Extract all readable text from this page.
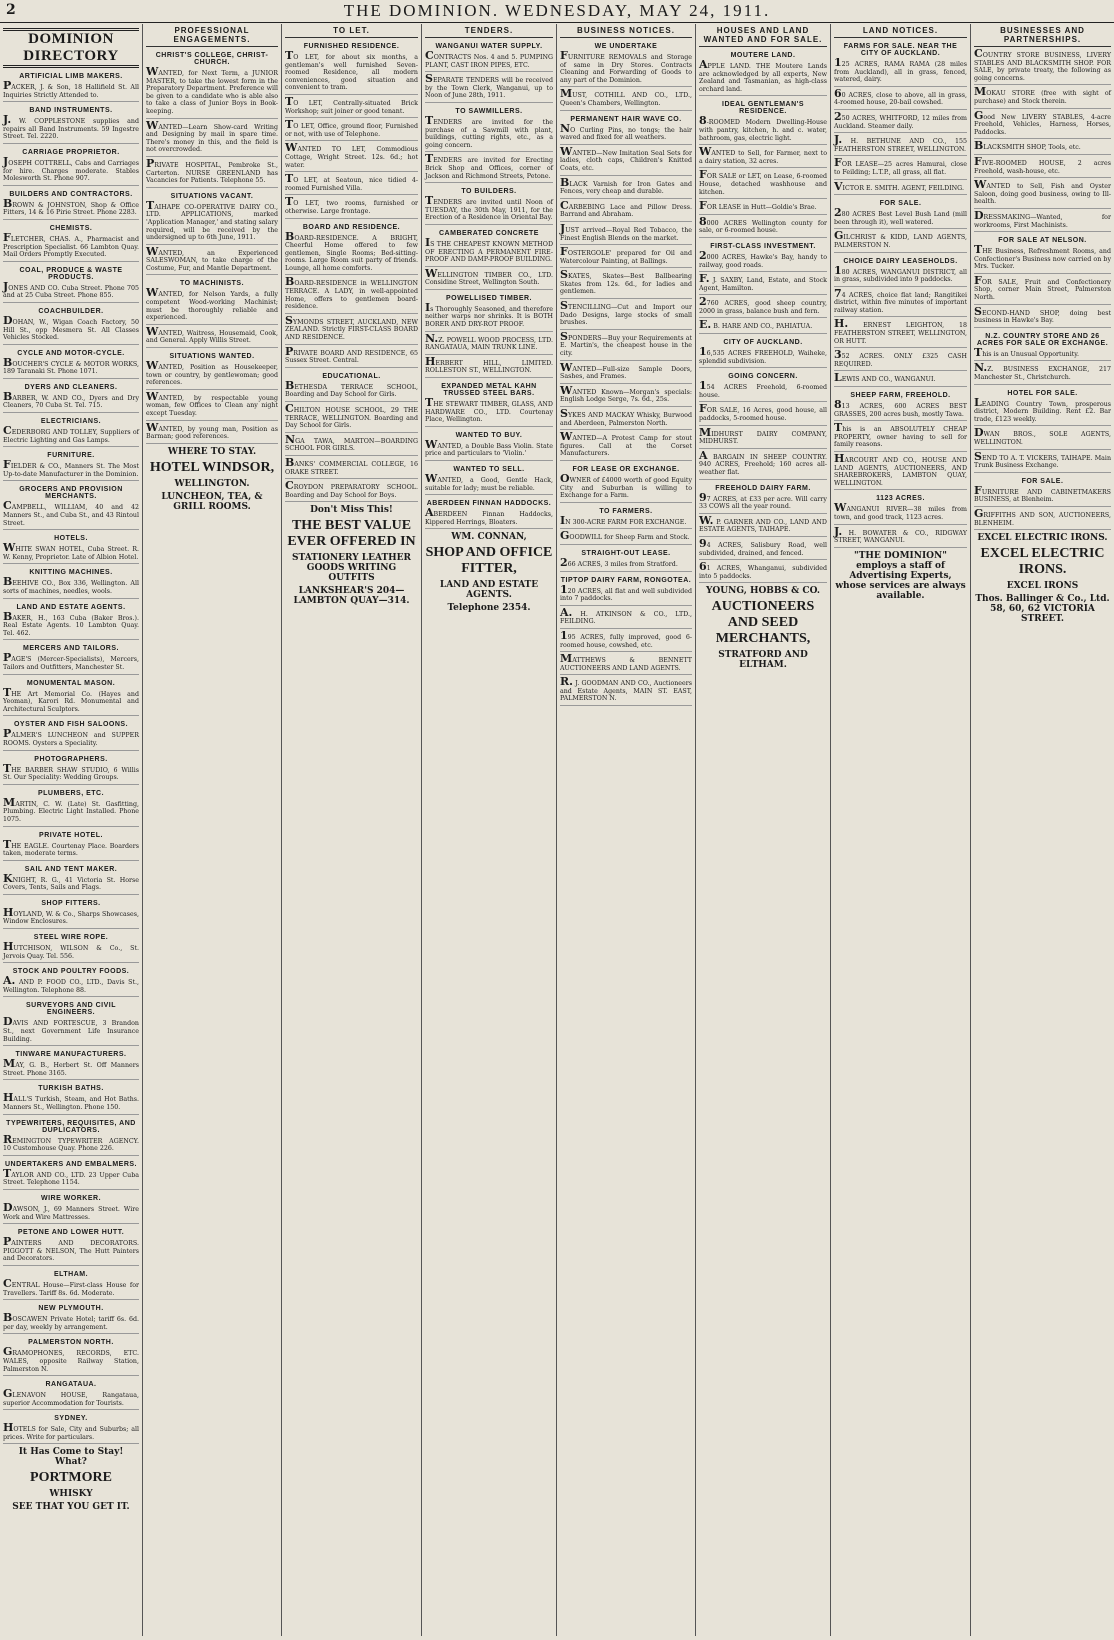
2	THE DOMINION. WEDNESDAY, MAY 24, 1911.
DOMINION DIRECTORY
ARTIFICIAL LIMB MAKERS.

PACKER, J. & Son, 18 Hallifield St. All Inquiries Strictly Attended to.

BAND INSTRUMENTS.

J. W. COPPLESTONE supplies and repairs all Band Instruments. 59 Ingestre Street. Tel. 2220.

CARRIAGE PROPRIETOR.

JOSEPH COTTRELL, Cabs and Carriages for hire. Charges moderate. Stables Molesworth St. Phone 907.

BUILDERS AND CONTRACTORS.

BROWN & JOHNSTON, Shop & Office Fitters, 14 & 16 Pirie Street. Phone 2283.

CHEMISTS.

FLETCHER, CHAS. A., Pharmacist and Prescription Specialist. 66 Lambton Quay. Mail Orders Promptly Executed.

COAL, PRODUCE & WASTE PRODUCTS.

JONES AND CO. Cuba Street. Phone 705 and at 25 Cuba Street. Phone 855.

COACHBUILDER.

DOHAN, W., Wigan Coach Factory, 50 Hill St., opp Mesmera St. All Classes Vehicles Stocked.

CYCLE AND MOTOR-CYCLE.

BOUCHER'S CYCLE & MOTOR WORKS, 189 Taranaki St. Phone 1071.

DYERS AND CLEANERS.

BARBER, W. AND CO., Dyers and Dry Cleaners, 70 Cuba St. Tel. 715.

ELECTRICIANS.

CEDERBORG AND TOLLEY, Suppliers of Electric Lighting and Gas Lamps.

FURNITURE.

FIELDER & CO., Manners St. The Most Up-to-date Manufacturer in the Dominion.

GROCERS AND PROVISION MERCHANTS.

CAMPBELL, WILLIAM, 40 and 42 Manners St., and Cuba St., and 43 Rintoul Street.

HOTELS.

WHITE SWAN HOTEL, Cuba Street. R. W. Kenny, Proprietor. Late of Albion Hotel.

KNITTING MACHINES.

BEEHIVE CO., Box 336, Wellington. All sorts of machines, needles, wools.

LAND AND ESTATE AGENTS.

BAKER, H., 163 Cuba (Baker Bros.). Real Estate Agents. 10 Lambton Quay. Tel. 462.

MERCERS AND TAILORS.

PAGE'S (Mercer-Specialists), Mercers, Tailors and Outfitters, Manchester St.

MONUMENTAL MASON.

THE Art Memorial Co. (Hayes and Yeoman), Karori Rd. Monumental and Architectural Sculptors.

OYSTER AND FISH SALOONS.

PALMER'S LUNCHEON and SUPPER ROOMS. Oysters a Speciality.

PHOTOGRAPHERS.

THE BARBER SHAW STUDIO, 6 Willis St. Our Speciality: Wedding Groups.

PLUMBERS, ETC.

MARTIN, C. W. (Late) St. Gasfitting, Plumbing. Electric Light Installed. Phone 1075.

PRIVATE HOTEL.

THE EAGLE. Courtenay Place. Boarders taken, moderate terms.

SAIL AND TENT MAKER.

KNIGHT, R. G., 41 Victoria St. Horse Covers, Tents, Sails and Flags.

SHOP FITTERS.

HOYLAND, W. & Co., Sharps Showcases, Window Enclosures.

STEEL WIRE ROPE.

HUTCHISON, WILSON & Co., St. Jervois Quay. Tel. 556.

STOCK AND POULTRY FOODS.

A. AND P. FOOD CO., LTD., Davis St., Wellington. Telephone 88.

SURVEYORS AND CIVIL ENGINEERS.

DAVIS AND FORTESCUE, 3 Brandon St., next Government Life Insurance Building.

TINWARE MANUFACTURERS.

MAY, G. B., Herbert St. Off Manners Street. Phone 3165.

TURKISH BATHS.

HALL'S Turkish, Steam, and Hot Baths. Manners St., Wellington. Phone 150.

TYPEWRITERS, REQUISITES, AND DUPLICATORS.

REMINGTON TYPEWRITER AGENCY. 10 Customhouse Quay. Phone 226.

UNDERTAKERS AND EMBALMERS.

TAYLOR AND CO., LTD. 23 Upper Cuba Street. Telephone 1154.

WIRE WORKER.

DAWSON, J., 69 Manners Street. Wire Work and Wire Mattresses.

PETONE AND LOWER HUTT.

PAINTERS AND DECORATORS. PIGGOTT & NELSON, The Hutt Painters and Decorators.

ELTHAM.

CENTRAL House—First-class House for Travellers. Tariff 8s. 6d. Moderate.

NEW PLYMOUTH.

BOSCAWEN Private Hotel; tariff 6s. 6d. per day, weekly by arrangement.

PALMERSTON NORTH.

GRAMOPHONES, RECORDS, ETC. WALES, opposite Railway Station, Palmerston N.

RANGATAUA.

GLENAVON HOUSE, Rangataua, superior Accommodation for Tourists.

SYDNEY.

HOTELS for Sale, City and Suburbs; all prices. Write for particulars.

It Has Come to Stay! What?
PORTMORE
WHISKY
SEE THAT YOU GET IT.
PROFESSIONAL ENGAGEMENTS.
CHRIST'S COLLEGE, CHRIST-CHURCH.

WANTED, for Next Term, a JUNIOR MASTER, to take the lowest form in the Preparatory Department. Preference will be given to a candidate who is able also to take a class of Junior Boys in Book-keeping.

WANTED—Learn Show-card Writing and Designing by mail in spare time. There's money in this, and the field is not overcrowded.

PRIVATE HOSPITAL, Pembroke St., Carterton. NURSE GREENLAND has Vacancies for Patients. Telephone 55.

SITUATIONS VACANT.

TAIHAPE CO-OPERATIVE DAIRY CO., LTD. APPLICATIONS, marked 'Application Manager,' and stating salary required, will be received by the undersigned up to 6th June, 1911.

WANTED, an Experienced SALESWOMAN, to take charge of the Costume, Fur, and Mantle Department.

TO MACHINISTS.

WANTED, for Nelson Yards, a fully competent Wood-working Machinist; must be thoroughly reliable and experienced.

WANTED, Waitress, Housemaid, Cook, and General. Apply Willis Street.

SITUATIONS WANTED.

WANTED, Position as Housekeeper, town or country, by gentlewoman; good references.

WANTED, by respectable young woman, few Offices to Clean any night except Tuesday.

WANTED, by young man, Position as Barman; good references.

WHERE TO STAY.
HOTEL WINDSOR,
WELLINGTON.
LUNCHEON, TEA, & GRILL ROOMS.
TO LET.
FURNISHED RESIDENCE.

TO LET, for about six months, a gentleman's well furnished Seven-roomed Residence, all modern conveniences, good situation and convenient to tram.

TO LET, Centrally-situated Brick Workshop; suit joiner or good tenant.

TO LET, Office, ground floor, Furnished or not, with use of Telephone.

WANTED TO LET, Commodious Cottage, Wright Street. 12s. 6d.; hot water.

TO LET, at Seatoun, nice tidied 4-roomed Furnished Villa.

TO LET, two rooms, furnished or otherwise. Large frontage.

BOARD AND RESIDENCE.

BOARD-RESIDENCE. A BRIGHT, Cheerful Home offered to few gentlemen, Single Rooms; Bed-sitting-rooms. Large Room suit party of friends. Lounge, all home comforts.

BOARD-RESIDENCE in WELLINGTON TERRACE. A LADY, in well-appointed Home, offers to gentlemen board-residence.

SYMONDS STREET, AUCKLAND, NEW ZEALAND. Strictly FIRST-CLASS BOARD AND RESIDENCE.

PRIVATE BOARD AND RESIDENCE, 65 Sussex Street. Central.

EDUCATIONAL.

BETHESDA TERRACE SCHOOL, Boarding and Day School for Girls.

CHILTON HOUSE SCHOOL, 29 THE TERRACE, WELLINGTON. Boarding and Day School for Girls.

NGA TAWA, MARTON—BOARDING SCHOOL FOR GIRLS.

BANKS' COMMERCIAL COLLEGE, 16 ORAKE STREET.

CROYDON PREPARATORY SCHOOL. Boarding and Day School for Boys.

Don't Miss This!
THE BEST VALUE EVER OFFERED IN
STATIONERY LEATHER GOODS WRITING OUTFITS
LANKSHEAR'S 204—LAMBTON QUAY—314.
TENDERS.
WANGANUI WATER SUPPLY.

CONTRACTS Nos. 4 and 5. PUMPING PLANT, CAST IRON PIPES, ETC.

SEPARATE TENDERS will be received by the Town Clerk, Wanganui, up to Noon of June 28th, 1911.

TO SAWMILLERS.

TENDERS are invited for the purchase of a Sawmill with plant, buildings, cutting rights, etc., as a going concern.

TENDERS are invited for Erecting Brick Shop and Offices, corner of Jackson and Richmond Streets, Petone.

TO BUILDERS.

TENDERS are invited until Noon of TUESDAY, the 30th May, 1911, for the Erection of a Residence in Oriental Bay.

CAMBERATED CONCRETE

IS THE CHEAPEST KNOWN METHOD OF ERECTING A PERMANENT FIRE-PROOF AND DAMP-PROOF BUILDING.

WELLINGTON TIMBER CO., LTD. Considine Street, Wellington South.

POWELLISED TIMBER.

Is Thoroughly Seasoned, and therefore neither warps nor shrinks. It is BOTH BORER AND DRY-ROT PROOF.

N.Z. POWELL WOOD PROCESS, LTD. RANGATAUA, MAIN TRUNK LINE.

HERBERT HILL, LIMITED. ROLLESTON ST., WELLINGTON.

EXPANDED METAL KAHN TRUSSED STEEL BARS.

THE STEWART TIMBER, GLASS, AND HARDWARE CO., LTD. Courtenay Place, Wellington.

WANTED TO BUY.

WANTED, a Double Bass Violin. State price and particulars to 'Violin.'

WANTED TO SELL.

WANTED, a Good, Gentle Hack, suitable for lady; must be reliable.

ABERDEEN FINNAN HADDOCKS.

ABERDEEN Finnan Haddocks, Kippered Herrings, Bloaters.

WM. CONNAN,
SHOP AND OFFICE FITTER,
LAND AND ESTATE AGENTS.
Telephone 2354.
BUSINESS NOTICES.
WE UNDERTAKE

FURNITURE REMOVALS and Storage of same in Dry Stores. Contracts Cleaning and Forwarding of Goods to any part of the Dominion.

MUST, COTHILL AND CO., LTD., Queen's Chambers, Wellington.

PERMANENT HAIR WAVE CO.

NO Curling Pins, no tongs; the hair waved and fixed for all weathers.

WANTED—New Imitation Seal Sets for ladies, cloth caps, Children's Knitted Coats, etc.

BLACK Varnish for Iron Gates and Fences, very cheap and durable.

CARBEBING Lace and Pillow Dress. Barrand and Abraham.

JUST arrived—Royal Red Tobacco, the Finest English Blends on the market.

FOSTERGOLE' prepared for Oil and Watercolour Painting, at Ballings.

SKATES, Skates—Best Ballbearing Skates from 12s. 6d., for ladies and gentlemen.

STENCILLING—Cut and Import our Dado Designs, large stocks of small brushes.

SPONDERS—Buy your Requirements at E. Martin's, the cheapest house in the city.

WANTED—Full-size Sample Doors, Sashes, and Frames.

WANTED Known—Morgan's specials: English Lodge Serge, 7s. 6d., 25s.

SYKES AND MACKAY Whisky, Burwood and Aberdeen, Palmerston North.

WANTED—A Protest Camp for stout figures. Call at the Corset Manufacturers.

FOR LEASE OR EXCHANGE.

OWNER of £4000 worth of good Equity City and Suburban is willing to Exchange for a Farm.

TO FARMERS.

IN 300-ACRE FARM FOR EXCHANGE.

GOODWILL for Sheep Farm and Stock.

STRAIGHT-OUT LEASE.

266 ACRES, 3 miles from Stratford.

TIPTOP DAIRY FARM, RONGOTEA.

120 ACRES, all flat and well subdivided into 7 paddocks.

A. H. ATKINSON & CO., LTD., FEILDING.

195 ACRES, fully improved, good 6-roomed house, cowshed, etc.

MATTHEWS & BENNETT AUCTIONEERS AND LAND AGENTS.

R. J. GOODMAN AND CO., Auctioneers and Estate Agents, MAIN ST. EAST, PALMERSTON N.

HOUSES AND LAND WANTED AND FOR SALE.
MOUTERE LAND.

APPLE LAND. THE Moutere Lands are acknowledged by all experts, New Zealand and Tasmanian, as high-class orchard land.

IDEAL GENTLEMAN'S RESIDENCE.

8-ROOMED Modern Dwelling-House with pantry, kitchen, h. and c. water, bathroom, gas, electric light.

WANTED to Sell, for Farmer, next to a dairy station, 32 acres.

FOR SALE or LET, on Lease, 6-roomed House, detached washhouse and kitchen.

FOR LEASE in Hutt—Goldie's Brae.

8000 ACRES Wellington county for sale, or 6-roomed house.

FIRST-CLASS INVESTMENT.

2000 ACRES, Hawke's Bay, handy to railway, good roads.

F. J. SAXBY, Land, Estate, and Stock Agent, Hamilton.

2760 ACRES, good sheep country, 2000 in grass, balance bush and fern.

E. B. HARE AND CO., PAHIATUA.

CITY OF AUCKLAND.

16,535 ACRES FREEHOLD, Waiheke, splendid subdivision.

GOING CONCERN.

154 ACRES Freehold, 6-roomed house.

FOR SALE, 16 Acres, good house, all paddocks, 5-roomed house.

MIDHURST DAIRY COMPANY, MIDHURST.

A BARGAIN IN SHEEP COUNTRY. 940 ACRES, Freehold; 160 acres all-weather flat.

FREEHOLD DAIRY FARM.

97 ACRES, at £33 per acre. Will carry 33 COWS all the year round.

W. P. GARNER AND CO., LAND AND ESTATE AGENTS, TAIHAPE.

94 ACRES, Salisbury Road, well subdivided, drained, and fenced.

61 ACRES, Whanganui, subdivided into 5 paddocks.

YOUNG, HOBBS & CO.
AUCTIONEERS AND SEED MERCHANTS,
STRATFORD AND ELTHAM.
LAND NOTICES.
FARMS FOR SALE. NEAR THE CITY OF AUCKLAND.

125 ACRES, RAMA RAMA (28 miles from Auckland), all in grass, fenced, watered, dairy.

60 ACRES, close to above, all in grass, 4-roomed house, 20-bail cowshed.

250 ACRES, WHITFORD, 12 miles from Auckland. Steamer daily.

J. H. BETHUNE AND CO., 155 FEATHERSTON STREET, WELLINGTON.

FOR LEASE—25 acres Hamurai, close to Feilding; L.T.P., all grass, all flat.

VICTOR E. SMITH. AGENT, FEILDING.

FOR SALE.

280 ACRES Best Level Bush Land (mill been through it), well watered.

GILCHRIST & KIDD, LAND AGENTS, PALMERSTON N.

CHOICE DAIRY LEASEHOLDS.

180 ACRES, WANGANUI DISTRICT, all in grass, subdivided into 9 paddocks.

74 ACRES, choice flat land; Rangitikei district, within five minutes of important railway station.

H. ERNEST LEIGHTON, 18 FEATHERSTON STREET, WELLINGTON, OR HUTT.

352 ACRES. ONLY £325 CASH REQUIRED.

LEWIS AND CO., WANGANUI.

SHEEP FARM, FREEHOLD.

813 ACRES, 600 ACRES BEST GRASSES, 200 acres bush, mostly Tawa.

This is an ABSOLUTELY CHEAP PROPERTY, owner having to sell for family reasons.

HARCOURT AND CO., HOUSE AND LAND AGENTS, AUCTIONEERS, AND SHAREBROKERS, LAMBTON QUAY, WELLINGTON.

1123 ACRES.

WANGANUI RIVER—38 miles from town, and good track, 1123 acres.

J. H. BOWATER & CO., RIDGWAY STREET, WANGANUI.

"THE DOMINION" employs a staff of Advertising Experts, whose services are always available.
BUSINESSES AND PARTNERSHIPS.

COUNTRY STORE BUSINESS, LIVERY STABLES AND BLACKSMITH SHOP. FOR SALE, by private treaty, the following as going concerns.

MOKAU STORE (free with sight of purchase) and Stock therein.

Good New LIVERY STABLES, 4-acre Freehold, Vehicles, Harness, Horses, Paddocks.

BLACKSMITH SHOP, Tools, etc.

FIVE-ROOMED HOUSE, 2 acres Freehold, wash-house, etc.

WANTED to Sell, Fish and Oyster Saloon, doing good business, owing to Ill-health.

DRESSMAKING—Wanted, for workrooms, First Machinists.

FOR SALE AT NELSON.

THE Business, Refreshment Rooms, and Confectioner's Business now carried on by Mrs. Tucker.

FOR SALE, Fruit and Confectionery Shop, corner Main Street, Palmerston North.

SECOND-HAND SHOP, doing best business in Hawke's Bay.

N.Z. COUNTRY STORE AND 26 ACRES FOR SALE OR EXCHANGE.

This is an Unusual Opportunity.

N.Z. BUSINESS EXCHANGE, 217 Manchester St., Christchurch.

HOTEL FOR SALE.

LEADING Country Town, prosperous district, Modern Building. Rent £2. Bar trade, £123 weekly.

DWAN BROS., SOLE AGENTS, WELLINGTON.

SEND TO A. T. VICKERS, TAIHAPE. Main Trunk Business Exchange.

FOR SALE.

FURNITURE AND CABINETMAKERS BUSINESS, at Blenheim.

GRIFFITHS AND SON, AUCTIONEERS, BLENHEIM.

EXCEL ELECTRIC IRONS.
EXCEL ELECTRIC IRONS.
EXCEL IRONS
Thos. Ballinger & Co., Ltd. 58, 60, 62 VICTORIA STREET.
